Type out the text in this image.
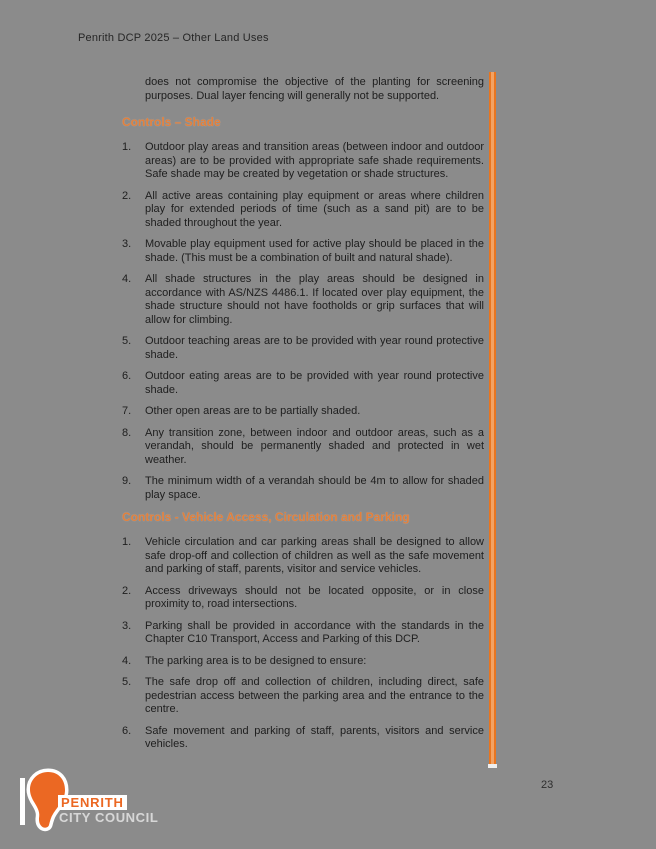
Penrith DCP 2025 – Other Land Uses

does not compromise the objective of the planting for screening purposes. Dual layer fencing will generally not be supported.

Controls – Shade
1.	Outdoor play areas and transition areas (between indoor and outdoor areas) are to be provided with appropriate safe shade requirements. Safe shade may be created by vegetation or shade structures.
2.	All active areas containing play equipment or areas where children play for extended periods of time (such as a sand pit) are to be shaded throughout the year.
3.	Movable play equipment used for active play should be placed in the shade. (This must be a combination of built and natural shade).
4.	All shade structures in the play areas should be designed in accordance with AS/NZS 4486.1. If located over play equipment, the shade structure should not have footholds or grip surfaces that will allow for climbing.
5.	Outdoor teaching areas are to be provided with year round protective shade.
6.	Outdoor eating areas are to be provided with year round protective shade.
7.	Other open areas are to be partially shaded.
8.	Any transition zone, between indoor and outdoor areas, such as a verandah, should be permanently shaded and protected in wet weather.
9.	The minimum width of a verandah should be 4m to allow for shaded play space.
Controls - Vehicle Access, Circulation and Parking
1.	Vehicle circulation and car parking areas shall be designed to allow safe drop-off and collection of children as well as the safe movement and parking of staff, parents, visitor and service vehicles.
2.	Access driveways should not be located opposite, or in close proximity to, road intersections.
3.	Parking shall be provided in accordance with the standards in the Chapter C10 Transport, Access and Parking of this DCP.
4.	The parking area is to be designed to ensure:
5.	The safe drop off and collection of children, including direct, safe pedestrian access between the parking area and the entrance to the centre.
6.	Safe movement and parking of staff, parents, visitors and service vehicles.
PENRITH
CITY COUNCIL
23
